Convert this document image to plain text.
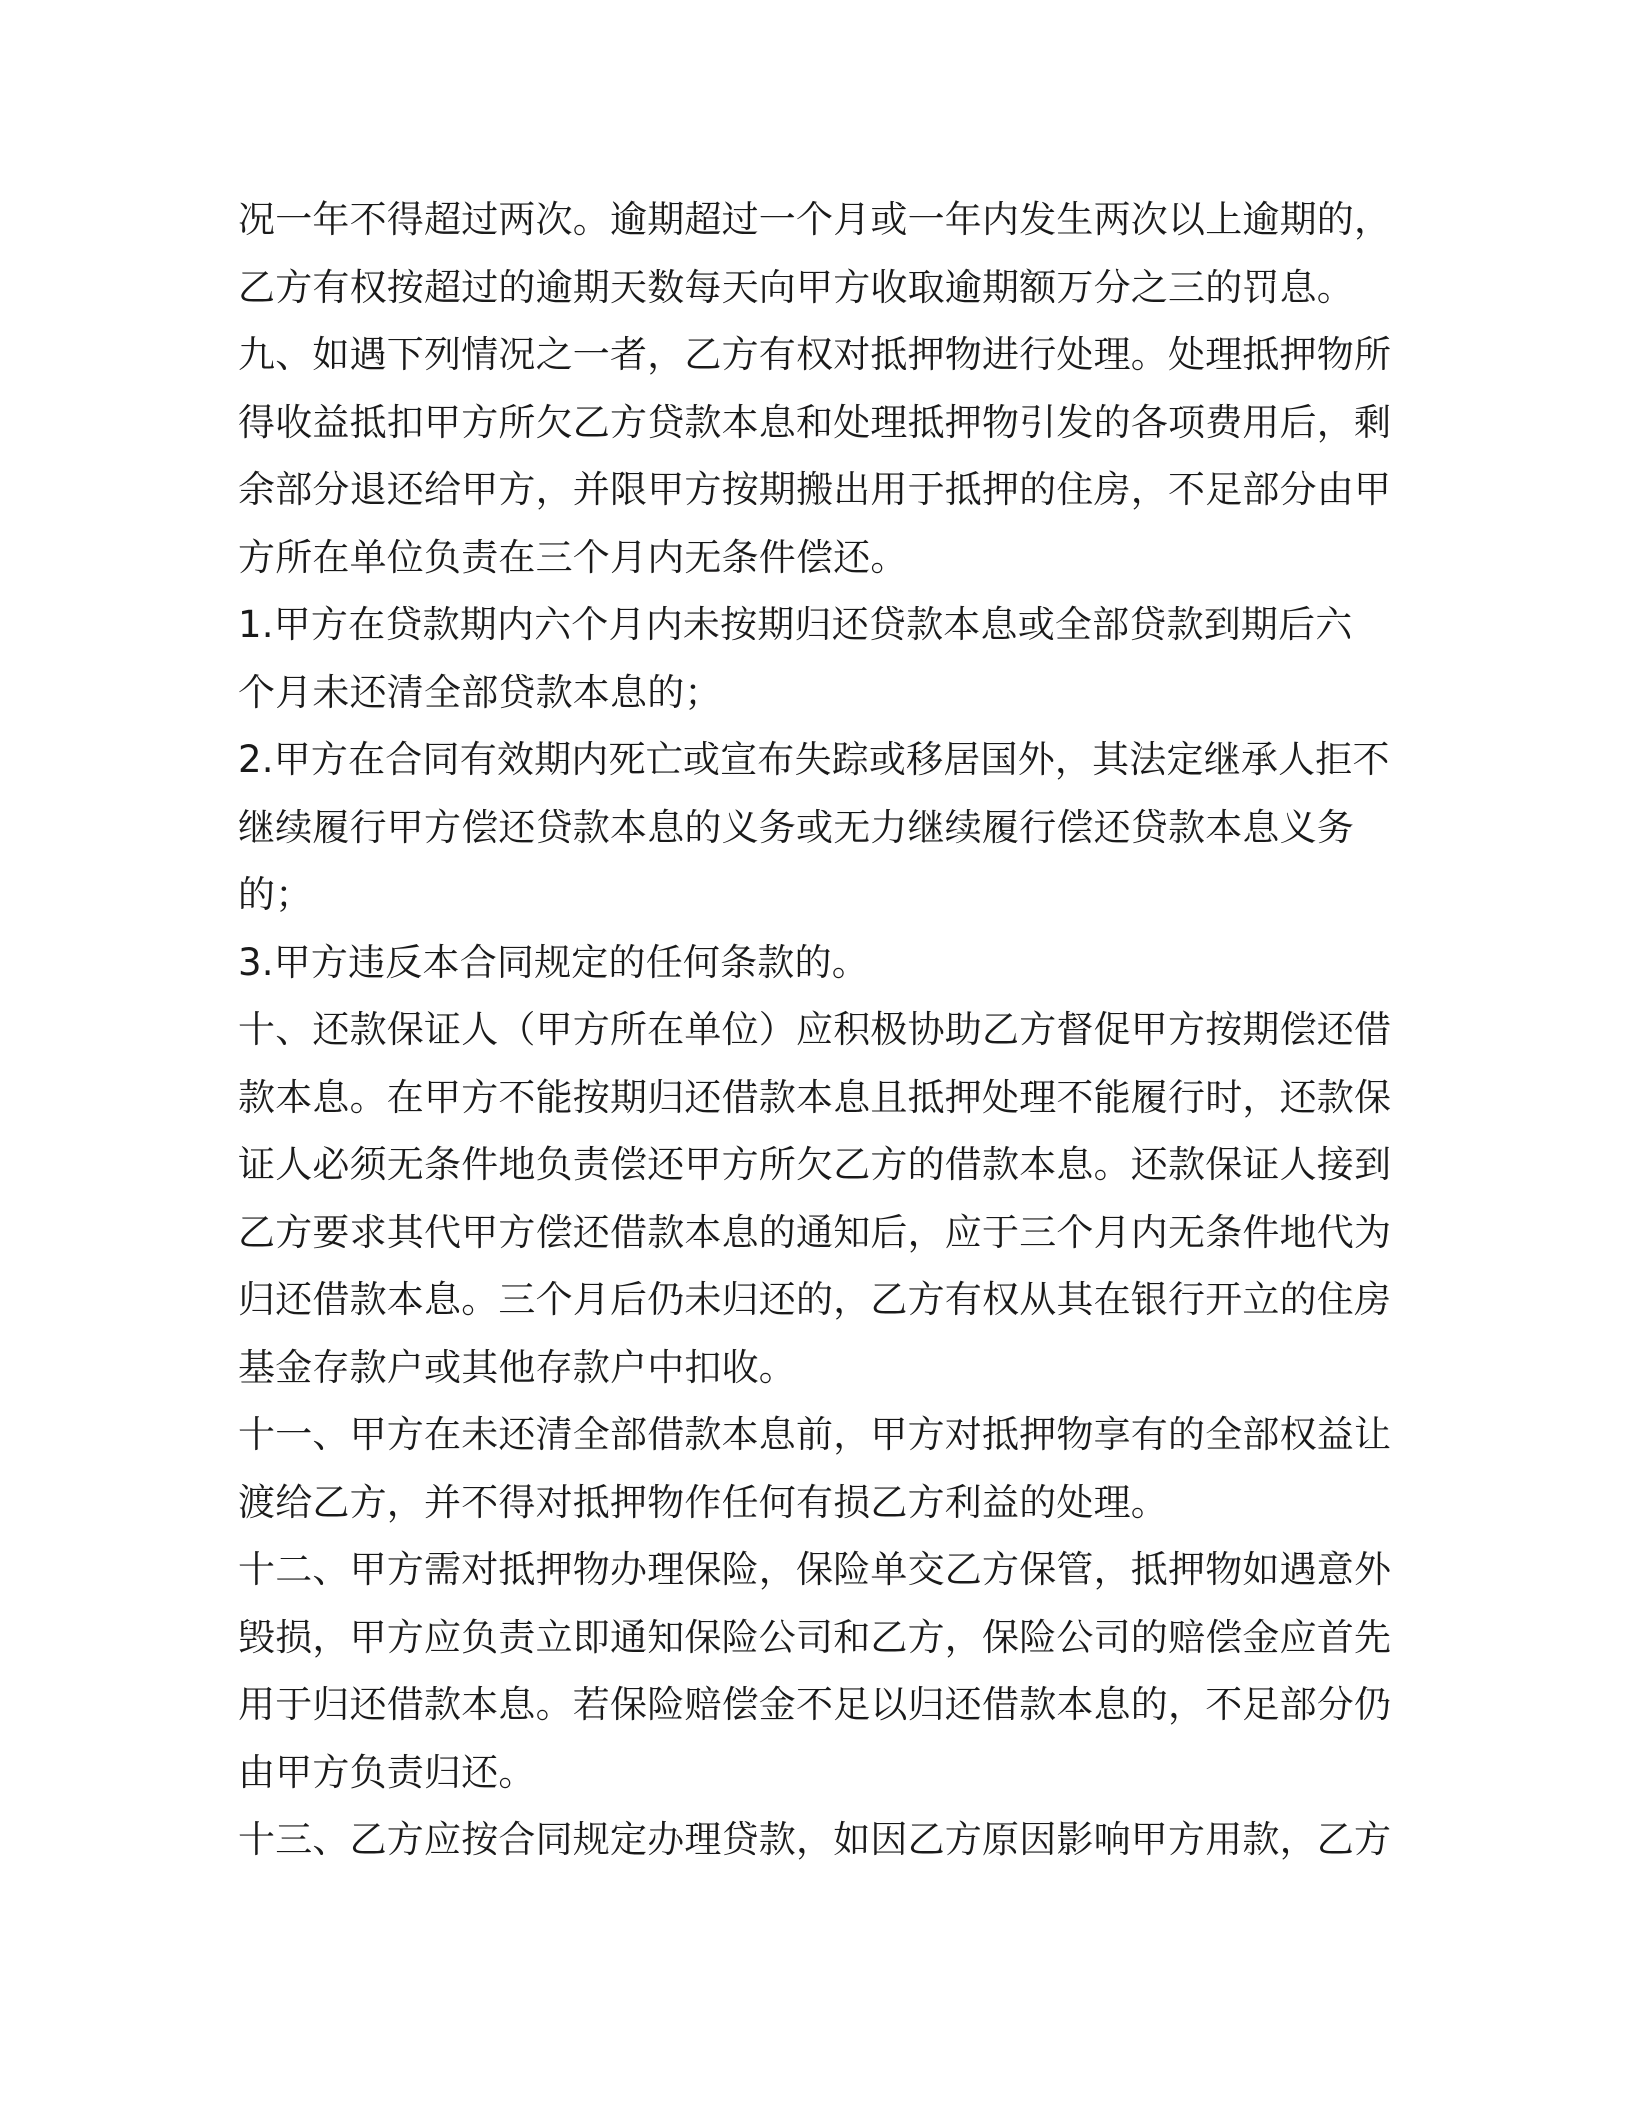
况一年不得超过两次。逾期超过一个月或一年内发生两次以上逾期的，
乙方有权按超过的逾期天数每天向甲方收取逾期额万分之三的罚息。
九、如遇下列情况之一者，乙方有权对抵押物进行处理。处理抵押物所
得收益抵扣甲方所欠乙方贷款本息和处理抵押物引发的各项费用后，剩
余部分退还给甲方，并限甲方按期搬出用于抵押的住房，不足部分由甲
方所在单位负责在三个月内无条件偿还。
1.甲方在贷款期内六个月内未按期归还贷款本息或全部贷款到期后六
个月未还清全部贷款本息的；
2.甲方在合同有效期内死亡或宣布失踪或移居国外，其法定继承人拒不
继续履行甲方偿还贷款本息的义务或无力继续履行偿还贷款本息义务
的；
3.甲方违反本合同规定的任何条款的。
十、还款保证人（甲方所在单位）应积极协助乙方督促甲方按期偿还借
款本息。在甲方不能按期归还借款本息且抵押处理不能履行时，还款保
证人必须无条件地负责偿还甲方所欠乙方的借款本息。还款保证人接到
乙方要求其代甲方偿还借款本息的通知后，应于三个月内无条件地代为
归还借款本息。三个月后仍未归还的，乙方有权从其在银行开立的住房
基金存款户或其他存款户中扣收。
十一、甲方在未还清全部借款本息前，甲方对抵押物享有的全部权益让
渡给乙方，并不得对抵押物作任何有损乙方利益的处理。
十二、甲方需对抵押物办理保险，保险单交乙方保管，抵押物如遇意外
毁损，甲方应负责立即通知保险公司和乙方，保险公司的赔偿金应首先
用于归还借款本息。若保险赔偿金不足以归还借款本息的，不足部分仍
由甲方负责归还。
十三、乙方应按合同规定办理贷款，如因乙方原因影响甲方用款，乙方
